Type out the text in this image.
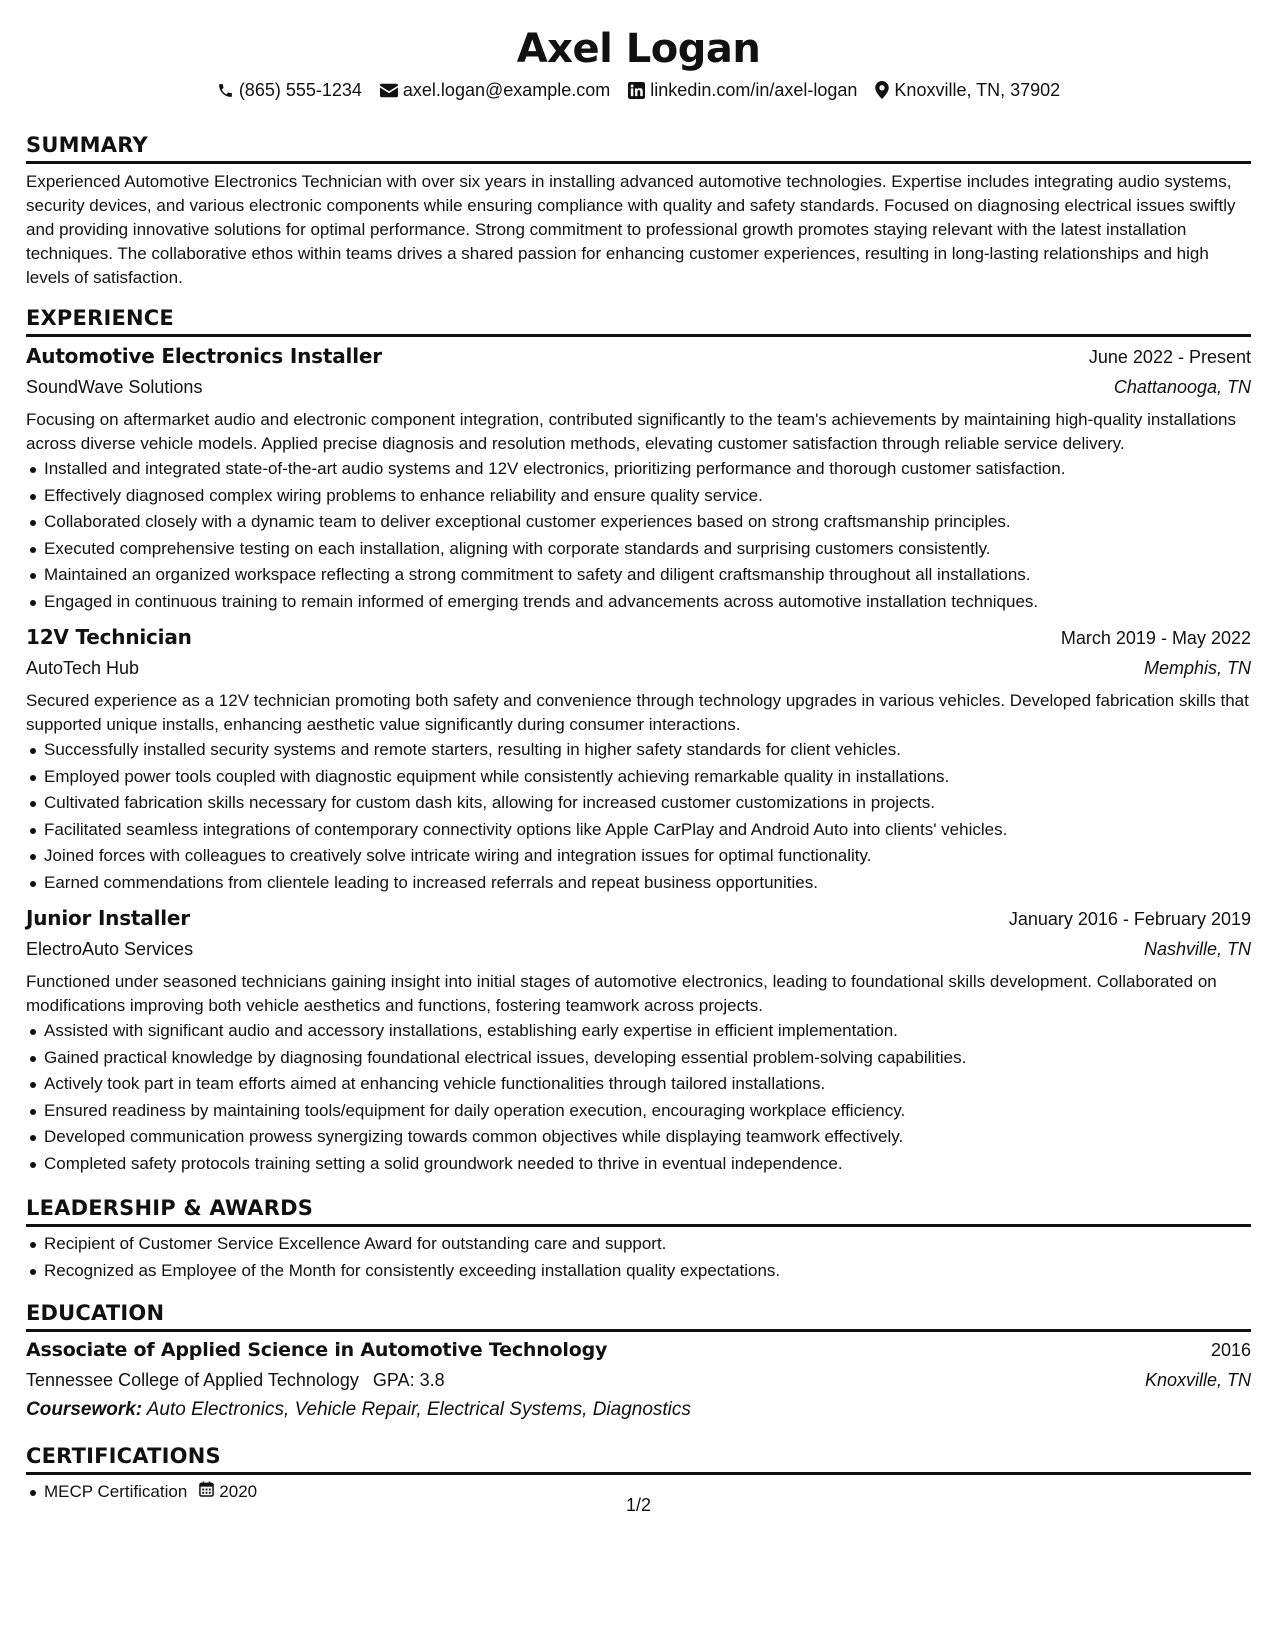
Axel Logan
(865) 555-1234 axel.logan@example.com linkedin.com/in/axel-logan Knoxville, TN, 37902
SUMMARY
Experienced Automotive Electronics Technician with over six years in installing advanced automotive technologies. Expertise includes integrating audio systems, security devices, and various electronic components while ensuring compliance with quality and safety standards. Focused on diagnosing electrical issues swiftly and providing innovative solutions for optimal performance. Strong commitment to professional growth promotes staying relevant with the latest installation techniques. The collaborative ethos within teams drives a shared passion for enhancing customer experiences, resulting in long-lasting relationships and high levels of satisfaction.
EXPERIENCE
Automotive Electronics Installer	June 2022 - Present
SoundWave Solutions	Chattanooga, TN
Focusing on aftermarket audio and electronic component integration, contributed significantly to the team's achievements by maintaining high-quality installations across diverse vehicle models. Applied precise diagnosis and resolution methods, elevating customer satisfaction through reliable service delivery.
Installed and integrated state-of-the-art audio systems and 12V electronics, prioritizing performance and thorough customer satisfaction.
Effectively diagnosed complex wiring problems to enhance reliability and ensure quality service.
Collaborated closely with a dynamic team to deliver exceptional customer experiences based on strong craftsmanship principles.
Executed comprehensive testing on each installation, aligning with corporate standards and surprising customers consistently.
Maintained an organized workspace reflecting a strong commitment to safety and diligent craftsmanship throughout all installations.
Engaged in continuous training to remain informed of emerging trends and advancements across automotive installation techniques.
12V Technician	March 2019 - May 2022
AutoTech Hub	Memphis, TN
Secured experience as a 12V technician promoting both safety and convenience through technology upgrades in various vehicles. Developed fabrication skills that supported unique installs, enhancing aesthetic value significantly during consumer interactions.
Successfully installed security systems and remote starters, resulting in higher safety standards for client vehicles.
Employed power tools coupled with diagnostic equipment while consistently achieving remarkable quality in installations.
Cultivated fabrication skills necessary for custom dash kits, allowing for increased customer customizations in projects.
Facilitated seamless integrations of contemporary connectivity options like Apple CarPlay and Android Auto into clients' vehicles.
Joined forces with colleagues to creatively solve intricate wiring and integration issues for optimal functionality.
Earned commendations from clientele leading to increased referrals and repeat business opportunities.
Junior Installer	January 2016 - February 2019
ElectroAuto Services	Nashville, TN
Functioned under seasoned technicians gaining insight into initial stages of automotive electronics, leading to foundational skills development. Collaborated on modifications improving both vehicle aesthetics and functions, fostering teamwork across projects.
Assisted with significant audio and accessory installations, establishing early expertise in efficient implementation.
Gained practical knowledge by diagnosing foundational electrical issues, developing essential problem-solving capabilities.
Actively took part in team efforts aimed at enhancing vehicle functionalities through tailored installations.
Ensured readiness by maintaining tools/equipment for daily operation execution, encouraging workplace efficiency.
Developed communication prowess synergizing towards common objectives while displaying teamwork effectively.
Completed safety protocols training setting a solid groundwork needed to thrive in eventual independence.
LEADERSHIP & AWARDS
Recipient of Customer Service Excellence Award for outstanding care and support.
Recognized as Employee of the Month for consistently exceeding installation quality expectations.
EDUCATION
Associate of Applied Science in Automotive Technology	2016
Tennessee College of Applied Technology GPA: 3.8	Knoxville, TN
Coursework: Auto Electronics, Vehicle Repair, Electrical Systems, Diagnostics
CERTIFICATIONS
MECP Certification 2020
1/2
